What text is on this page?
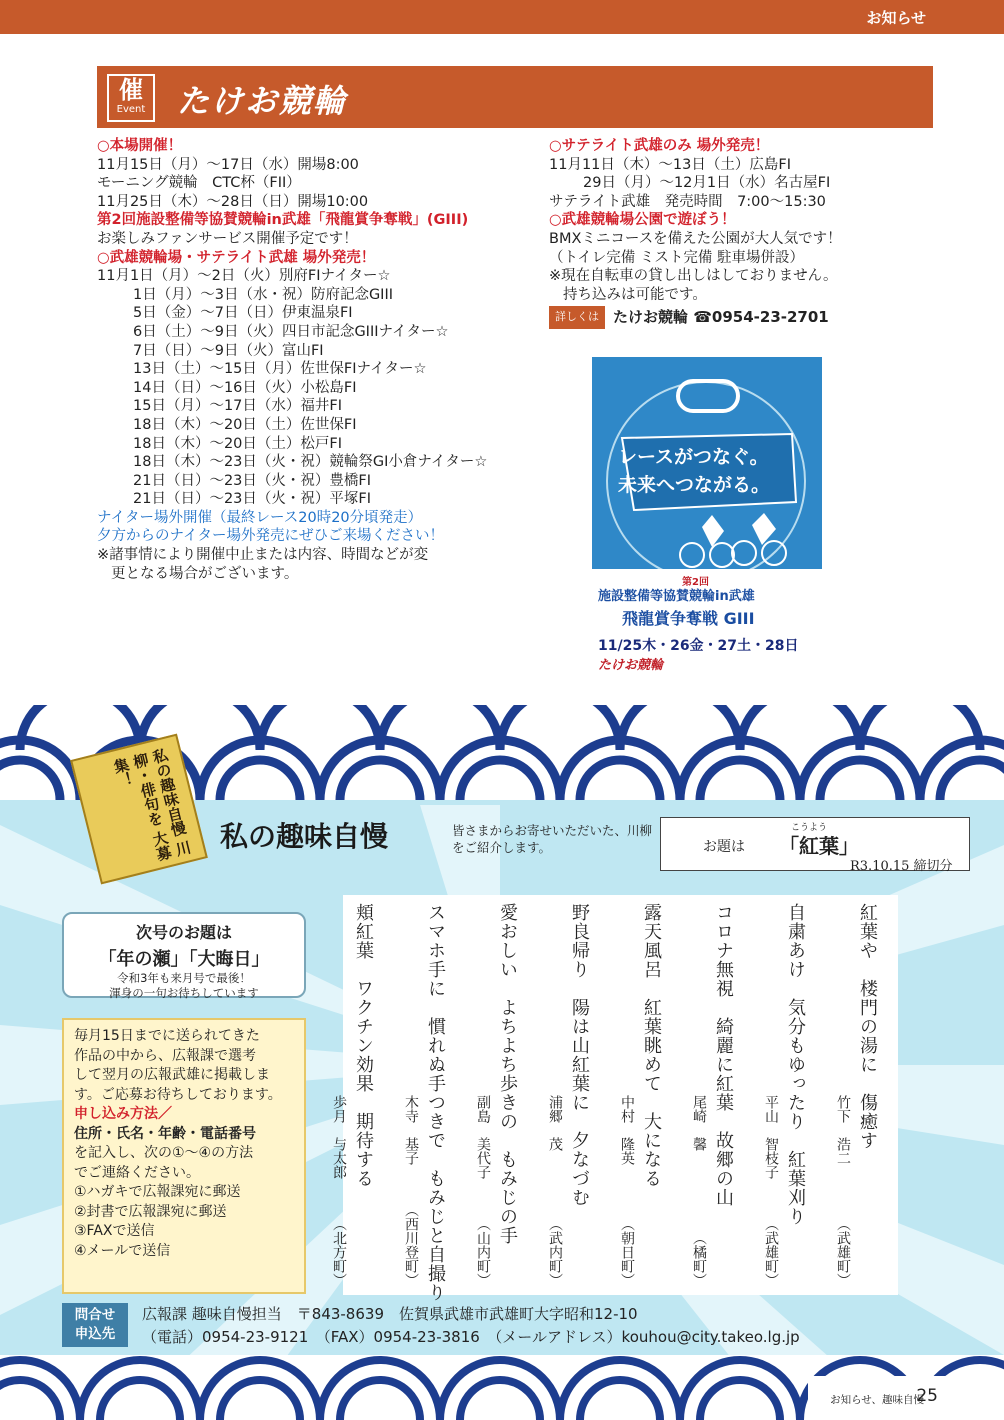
お知らせ
催
Event たけお競輪
○本場開催！
11月15日（月）〜17日（水）開場8:00
モーニング競輪　CTC杯（FII）
11月25日（木）〜28日（日）開場10:00
第2回施設整備等協賛競輪in武雄「飛龍賞争奪戦」(GIII)
お楽しみファンサービス開催予定です！
○武雄競輪場・サテライト武雄 場外発売！
11月1日（月）〜2日（火）別府FIナイター☆
1日（月）〜3日（水・祝）防府記念GIII
5日（金）〜7日（日）伊東温泉FI
6日（土）〜9日（火）四日市記念GIIIナイター☆
7日（日）〜9日（火）富山FI
13日（土）〜15日（月）佐世保FIナイター☆
14日（日）〜16日（火）小松島FI
15日（月）〜17日（水）福井FI
18日（木）〜20日（土）佐世保FI
18日（木）〜20日（土）松戸FI
18日（木）〜23日（火・祝）競輪祭GI小倉ナイター☆
21日（日）〜23日（火・祝）豊橋FI
21日（日）〜23日（火・祝）平塚FI
ナイター場外開催（最終レース20時20分頃発走）
夕方からのナイター場外発売にぜひご来場ください！
※諸事情により開催中止または内容、時間などが変
更となる場合がございます。
○サテライト武雄のみ 場外発売！
11月11日（木）〜13日（土）広島FI
29日（月）〜12月1日（水）名古屋FI
サテライト武雄　発売時間　7:00〜15:30
○武雄競輪場公園で遊ぼう！
BMXミニコースを備えた公園が大人気です！
（トイレ完備 ミスト完備 駐車場併設）
※現在自転車の貸し出しはしておりません。
持ち込みは可能です。
詳しくは たけお競輪 ☎0954-23-2701
レースがつなぐ。
未来へつながる。
第2回
施設整備等協賛競輪in武雄
飛龍賞争奪戦 GIII
11/25木・26金・27土・28日
たけお競輪
私の趣味自慢 川柳・俳句を 大募集！
私の趣味自慢	皆さまからお寄せいただいた、川柳をご紹介します。	お題は
こうよう
「紅葉」
R3.10.15 締切分
次号のお題は
「年の瀬」「大晦日」
令和3年も来月号で最後！
渾身の一句お待ちしています
毎月15日までに送られてきた
作品の中から、広報課で選考
して翌月の広報武雄に掲載しま
す。ご応募お待ちしております。
申し込み方法／
住所・氏名・年齢・電話番号
を記入し、次の①〜④の方法
でご連絡ください。
①ハガキで広報課宛に郵送
②封書で広報課宛に郵送
③FAXで送信
④メールで送信
紅葉や　楼門の湯に　傷癒す
竹下　浩二
（武雄町）
自粛あけ　気分もゆったり　紅葉刈り
平山　智枝子
（武雄町）
コロナ無視　綺麗に紅葉　故郷の山
尾崎　馨
（橘町）
露天風呂　紅葉眺めて　大になる
中村　隆英
（朝日町）
野良帰り　陽は山紅葉に　夕なづむ
浦郷　茂
（武内町）
愛おしい　よちよち歩きの　もみじの手
副島　美代子
（山内町）
スマホ手に　慣れぬ手つきで　もみじと自撮り
木寺　基子
（西川登町）
頬紅葉　ワクチン効果　期待する
歩月　与太郎
（北方町）
問合せ
申込先
広報課 趣味自慢担当　〒843-8639　佐賀県武雄市武雄町大字昭和12-10
（電話）0954-23-9121　（FAX）0954-23-3816　（メールアドレス）kouhou@city.takeo.lg.jp
お知らせ、趣味自慢
25
